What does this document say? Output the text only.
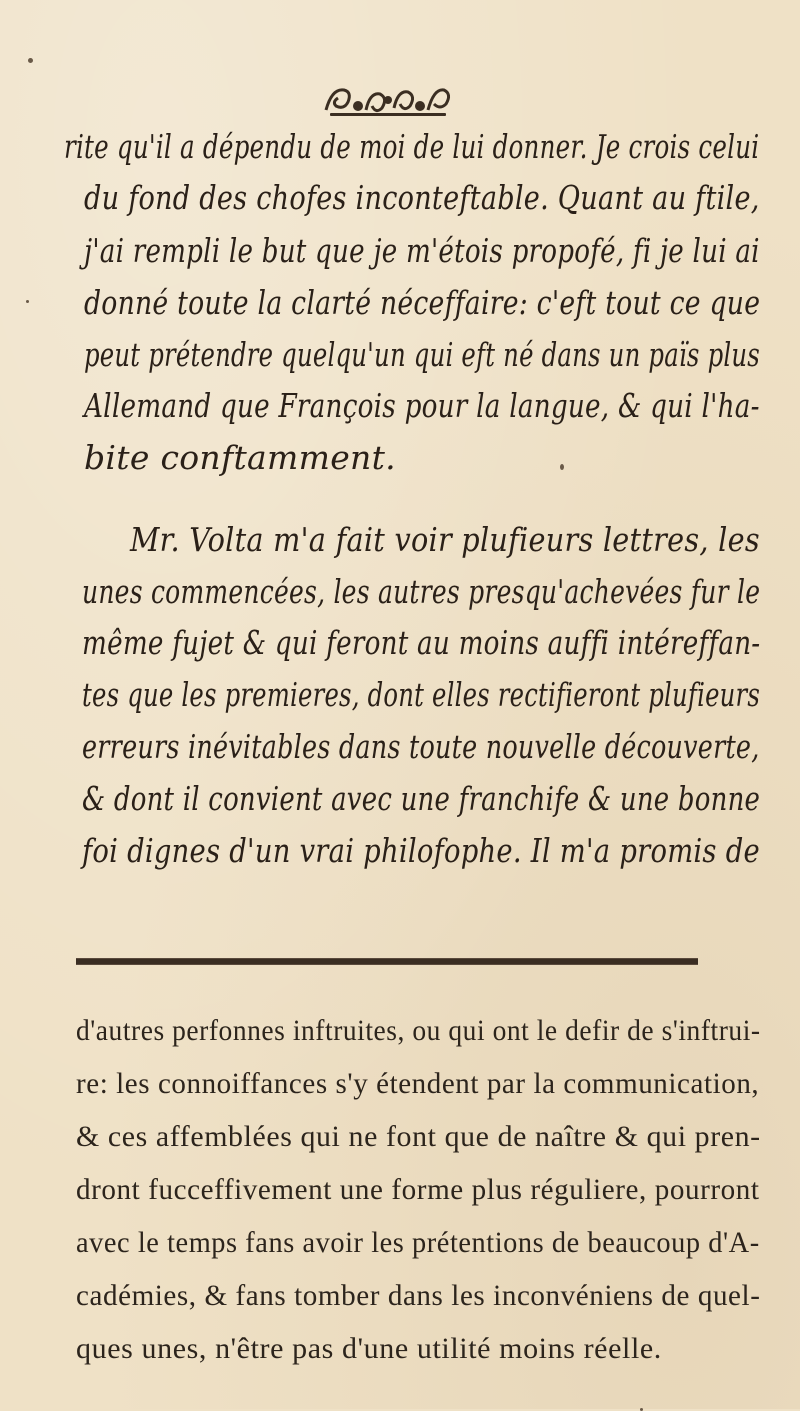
rite qu'il a dépendu de moi de lui donner. Je crois celui

du fond des chofes inconteftable. Quant au ftile,

j'ai rempli le but que je m'étois propofé, fi je lui ai

donné toute la clarté néceffaire: c'eft tout ce que

peut prétendre quelqu'un qui eft né dans un païs plus

Allemand que François pour la langue, & qui l'ha-

bite conftamment.

Mr. Volta m'a fait voir plufieurs lettres, les

unes commencées, les autres presqu'achevées fur le

même fujet & qui feront au moins auffi intéreffan-

tes que les premieres, dont elles rectifieront plufieurs

erreurs inévitables dans toute nouvelle découverte,

& dont il convient avec une franchife & une bonne

foi dignes d'un vrai philofophe. Il m'a promis de

d'autres perfonnes inftruites, ou qui ont le defir de s'inftrui-

re: les connoiffances s'y étendent par la communication,

& ces affemblées qui ne font que de naître & qui pren-

dront fucceffivement une forme plus réguliere, pourront

avec le temps fans avoir les prétentions de beaucoup d'A-

cadémies, & fans tomber dans les inconvéniens de quel-

ques unes, n'être pas d'une utilité moins réelle.
